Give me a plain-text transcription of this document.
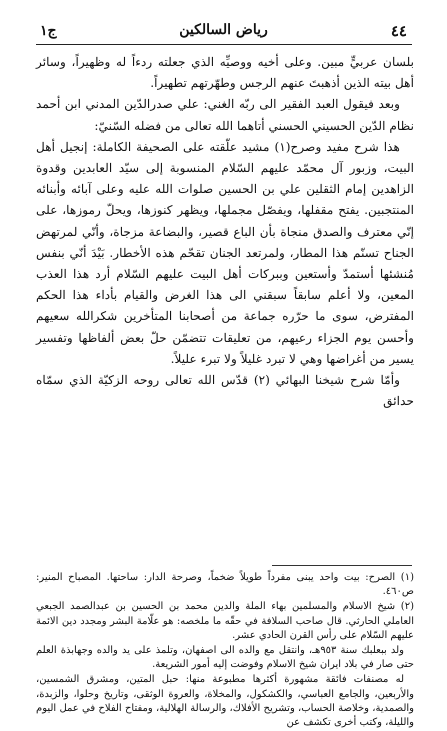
٤٤
رياض السالكين
ج١

بلسان عربيٍّ مبين. وعلى أخيه ووصيِّه الذي جعلته ردءاً له وظهيراً، وسائر أهل بيته الذين أذهبتَ عنهم الرجس وطهّرتهم تطهيراً.

وبعد فيقول العبد الفقير الى ربّه الغني: علي صدرالدّين المدني ابن أحمد نظام الدّين الحسيني الحسني أتاهما الله تعالى من فضله السّنيّ:

هذا شرح مفيد وصرح(١) مشيد علّقته على الصحيفة الكاملة: إنجيل أهل البيت، وزبور آل محمّد عليهم السّلام المنسوبة إلى سيّد العابدين وقدوة الزاهدين إمام الثقلين علي بن الحسين صلوات الله عليه وعلى آبائه وأبنائه المنتجبين. يفتح مقفلها، ويفصّل مجملها، ويظهر كنوزها، ويحلّ رموزها، على إنّي معترف والصدق منجاة بأن الباع قصير، والبضاعة مزجاة، وأنّي لمرتهض الجناح تسنّم هذا المطار، ولمرتعد الجنان تقحّم هذه الأخطار. بَيْدَ أنّي بنفس مُنشئها أستمدّ وأستعين وببركات أهل البيت عليهم السّلام أرد هذا العذب المعين، ولا أعلم سابقاً سبقني الى هذا الغرض والقيام بأداء هذا الحكم المفترض، سوى ما حرّره جماعة من أصحابنا المتأخرين شكرالله سعيهم وأحسن يوم الجزاء رعيهم، من تعليقات تتضمّن حلّ بعض ألفاظها وتفسير يسير من أغراضها وهي لا تبرد غليلاً ولا تبرء عليلاً.

وأمّا شرح شيخنا البهائي (٢) قدّس الله تعالى روحه الزكيّة الذي سمّاه حدائق

(١) الصرح: بيت واحد يبنى مفرداً طويلاً ضخماً، وصرحة الدار: ساحتها. المصباح المنير: ص٤٦٠.

(٢) شيخ الاسلام والمسلمين بهاء الملة والدين محمد بن الحسين بن عبدالصمد الجبعي العاملي الحارثي. قال صاحب السلافة في حقّه ما ملخصه: هو علّامة البشر ومجدد دين الائمة عليهم السّلام على رأس القرن الحادي عشر.

ولد ببعلبك سنة ٩٥٣هـ، وانتقل مع والده الى اصفهان، وتلمذ على يد والده وجهابذة العلم حتى صار في بلاد ايران شيخ الاسلام وفوضت إليه أمور الشريعة.

له مصنفات فائقة مشهورة أكثرها مطبوعة منها: حبل المتين، ومشرق الشمسين، والأربعين، والجامع العباسي، والكشكول، والمخلاة، والعروة الوثقى، وتاريخ وحلوا، والزبدة، والصمدية، وخلاصة الحساب، وتشريح الأفلاك، والرسالة الهلالية، ومفتاح الفلاح في عمل اليوم والليلة، وكتب أخرى تكشف عن
